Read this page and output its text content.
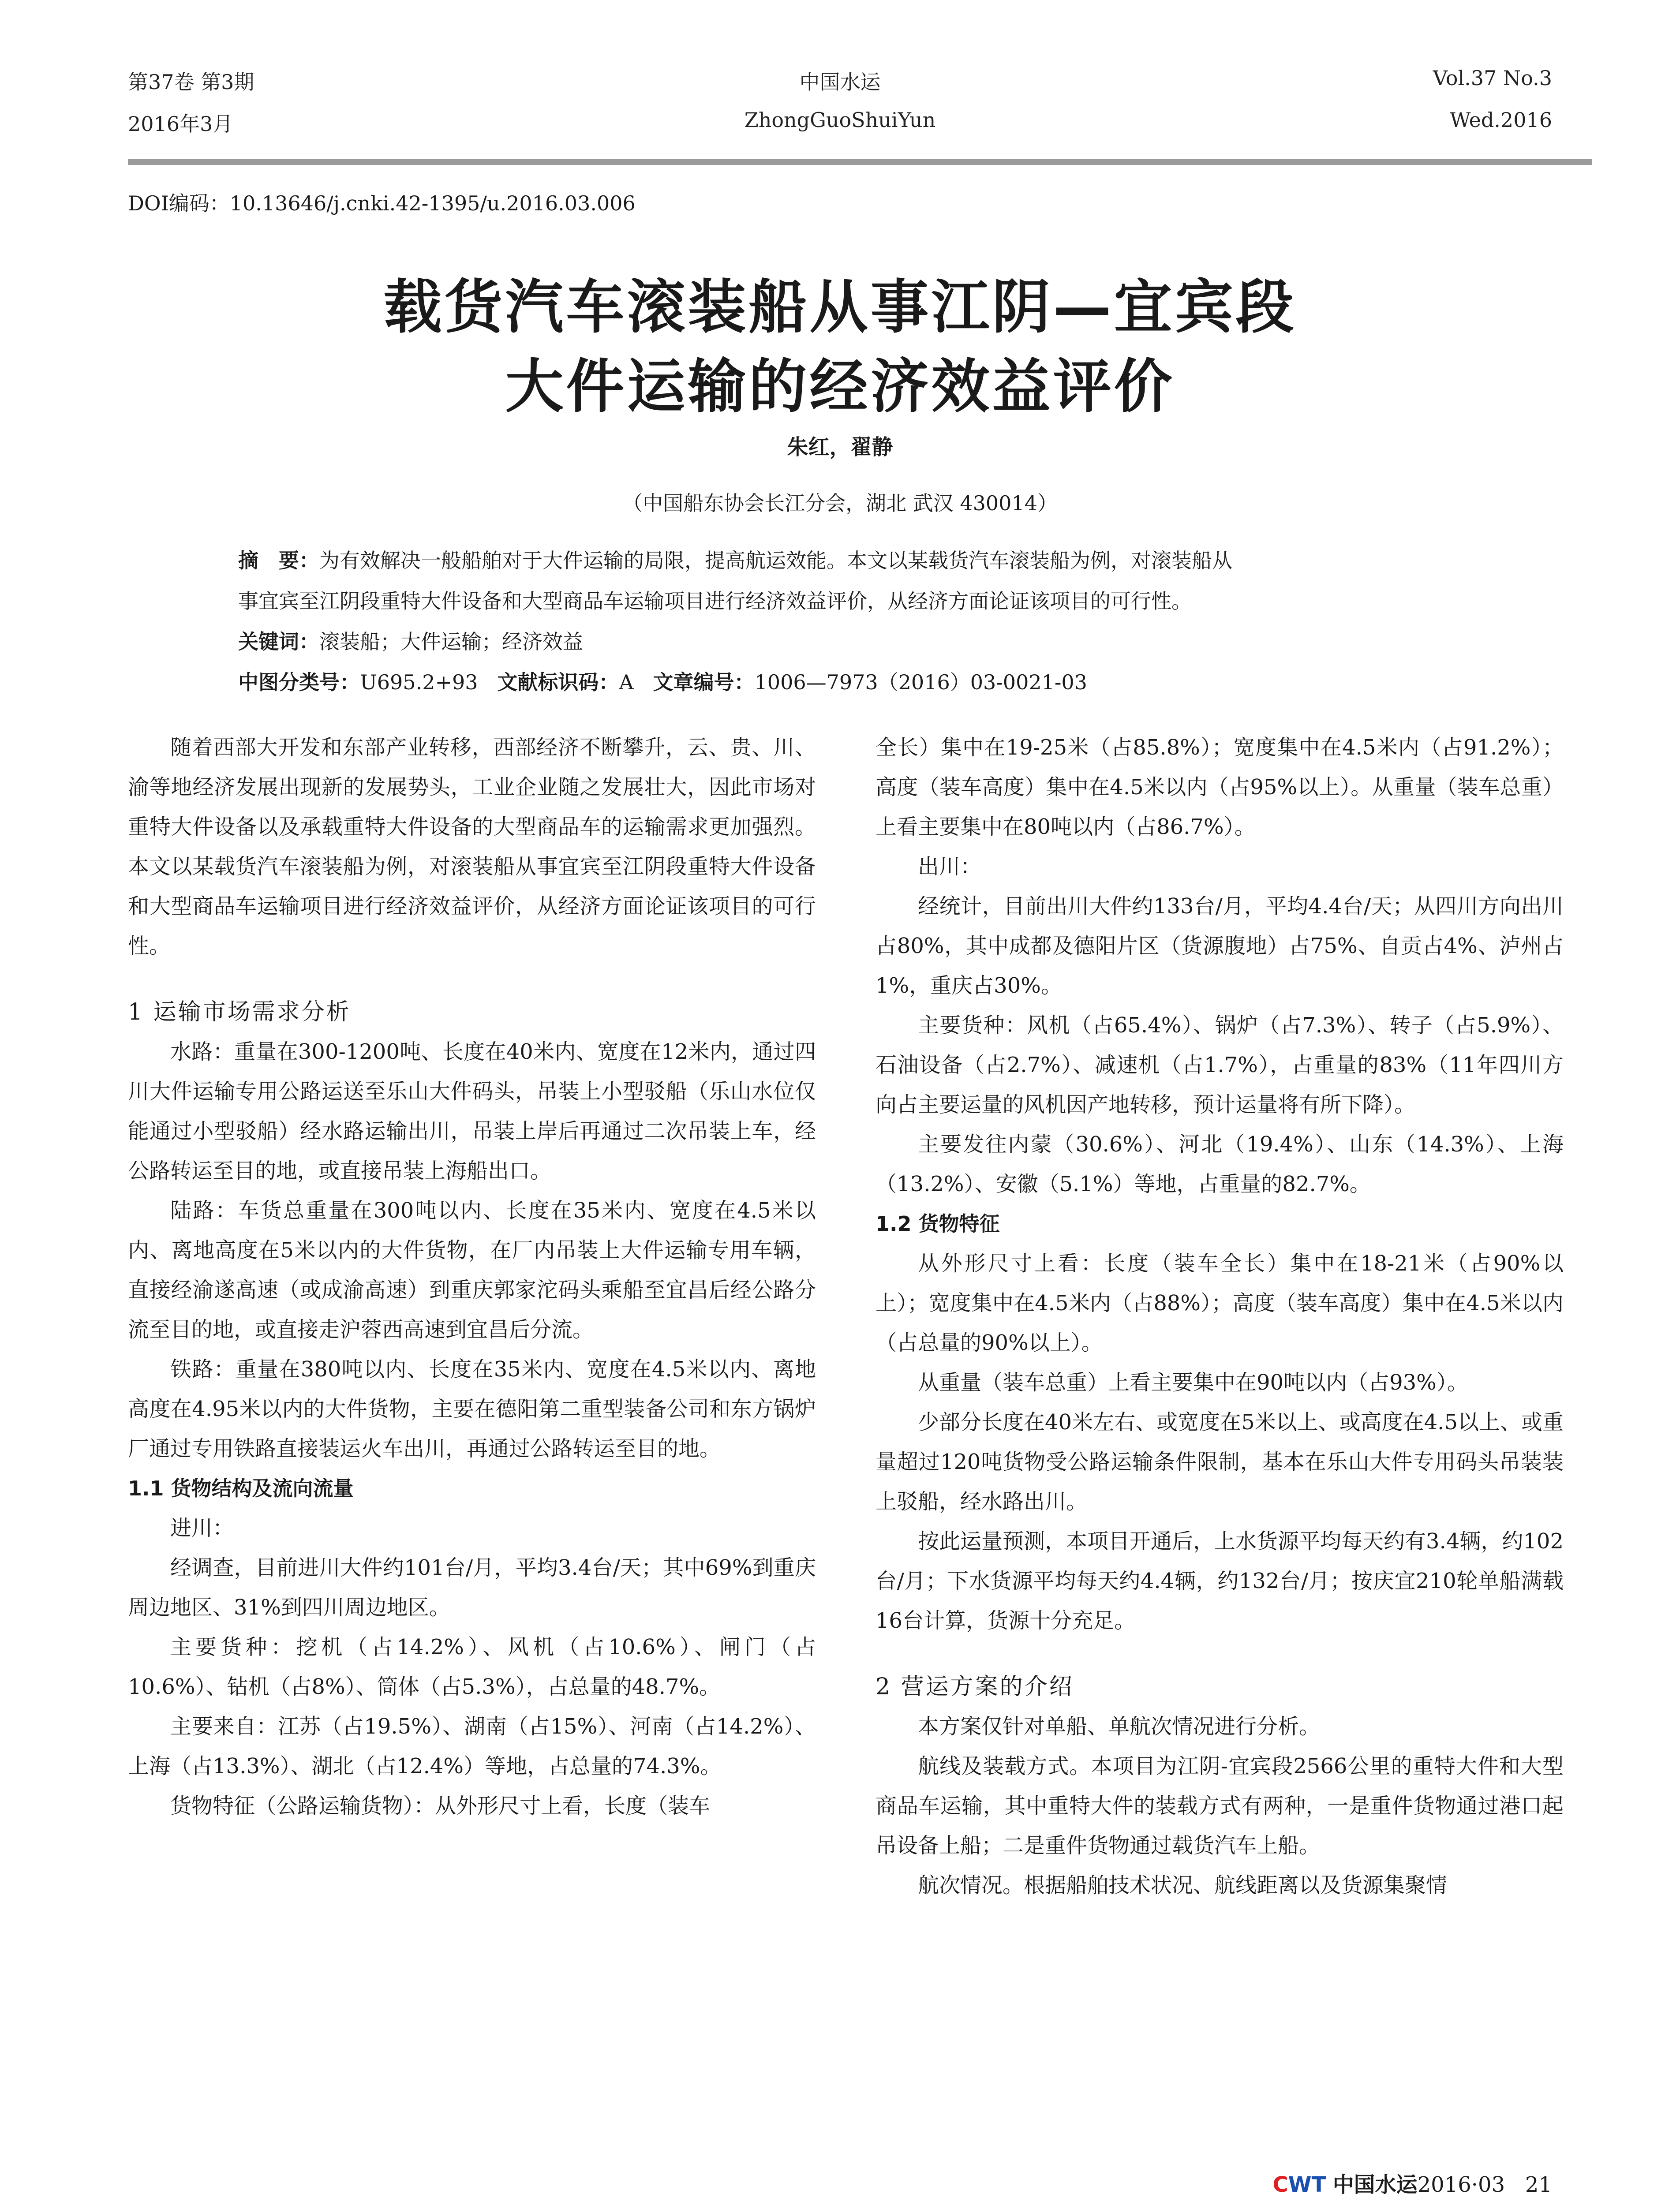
第37卷 第3期
2016年3月
中国水运
ZhongGuoShuiYun
Vol.37 No.3
Wed.2016
DOI编码：10.13646/j.cnki.42-1395/u.2016.03.006
载货汽车滚装船从事江阴—宜宾段
大件运输的经济效益评价
朱红，翟静
（中国船东协会长江分会，湖北 武汉 430014）
摘　要：为有效解决一般船舶对于大件运输的局限，提高航运效能。本文以某载货汽车滚装船为例，对滚装船从
事宜宾至江阴段重特大件设备和大型商品车运输项目进行经济效益评价，从经济方面论证该项目的可行性。
关键词：滚装船；大件运输；经济效益
中图分类号：U695.2+93 文献标识码：A 文章编号：1006—7973（2016）03-0021-03

随着西部大开发和东部产业转移，西部经济不断攀升，云、贵、川、渝等地经济发展出现新的发展势头，工业企业随之发展壮大，因此市场对重特大件设备以及承载重特大件设备的大型商品车的运输需求更加强烈。本文以某载货汽车滚装船为例，对滚装船从事宜宾至江阴段重特大件设备和大型商品车运输项目进行经济效益评价，从经济方面论证该项目的可行性。

1 运输市场需求分析

水路：重量在300-1200吨、长度在40米内、宽度在12米内，通过四川大件运输专用公路运送至乐山大件码头，吊装上小型驳船（乐山水位仅能通过小型驳船）经水路运输出川，吊装上岸后再通过二次吊装上车，经公路转运至目的地，或直接吊装上海船出口。

陆路：车货总重量在300吨以内、长度在35米内、宽度在4.5米以内、离地高度在5米以内的大件货物，在厂内吊装上大件运输专用车辆，直接经渝遂高速（或成渝高速）到重庆郭家沱码头乘船至宜昌后经公路分流至目的地，或直接走沪蓉西高速到宜昌后分流。

铁路：重量在380吨以内、长度在35米内、宽度在4.5米以内、离地高度在4.95米以内的大件货物，主要在德阳第二重型装备公司和东方锅炉厂通过专用铁路直接装运火车出川，再通过公路转运至目的地。

1.1 货物结构及流向流量

进川：

经调查，目前进川大件约101台/月，平均3.4台/天；其中69%到重庆周边地区、31%到四川周边地区。

主要货种：挖机（占14.2%）、风机（占10.6%）、闸门（占10.6%）、钻机（占8%）、筒体（占5.3%），占总量的48.7%。

主要来自：江苏（占19.5%）、湖南（占15%）、河南（占14.2%）、上海（占13.3%）、湖北（占12.4%）等地，占总量的74.3%。

货物特征（公路运输货物）：从外形尺寸上看，长度（装车

全长）集中在19-25米（占85.8%）；宽度集中在4.5米内（占91.2%）；高度（装车高度）集中在4.5米以内（占95%以上）。从重量（装车总重）上看主要集中在80吨以内（占86.7%）。

出川：

经统计，目前出川大件约133台/月，平均4.4台/天；从四川方向出川占80%，其中成都及德阳片区（货源腹地）占75%、自贡占4%、泸州占1%，重庆占30%。

主要货种：风机（占65.4%）、锅炉（占7.3%）、转子（占5.9%）、石油设备（占2.7%）、减速机（占1.7%），占重量的83%（11年四川方向占主要运量的风机因产地转移，预计运量将有所下降）。

主要发往内蒙（30.6%）、河北（19.4%）、山东（14.3%）、上海（13.2%）、安徽（5.1%）等地，占重量的82.7%。

1.2 货物特征

从外形尺寸上看：长度（装车全长）集中在18-21米（占90%以上）；宽度集中在4.5米内（占88%）；高度（装车高度）集中在4.5米以内（占总量的90%以上）。

从重量（装车总重）上看主要集中在90吨以内（占93%）。

少部分长度在40米左右、或宽度在5米以上、或高度在4.5以上、或重量超过120吨货物受公路运输条件限制，基本在乐山大件专用码头吊装装上驳船，经水路出川。

按此运量预测，本项目开通后，上水货源平均每天约有3.4辆，约102台/月；下水货源平均每天约4.4辆，约132台/月；按庆宜210轮单船满载16台计算，货源十分充足。

2 营运方案的介绍

本方案仅针对单船、单航次情况进行分析。

航线及装载方式。本项目为江阴-宜宾段2566公里的重特大件和大型商品车运输，其中重特大件的装载方式有两种，一是重件货物通过港口起吊设备上船；二是重件货物通过载货汽车上船。

航次情况。根据船舶技术状况、航线距离以及货源集聚情

CWT 中国水运2016·03 21
